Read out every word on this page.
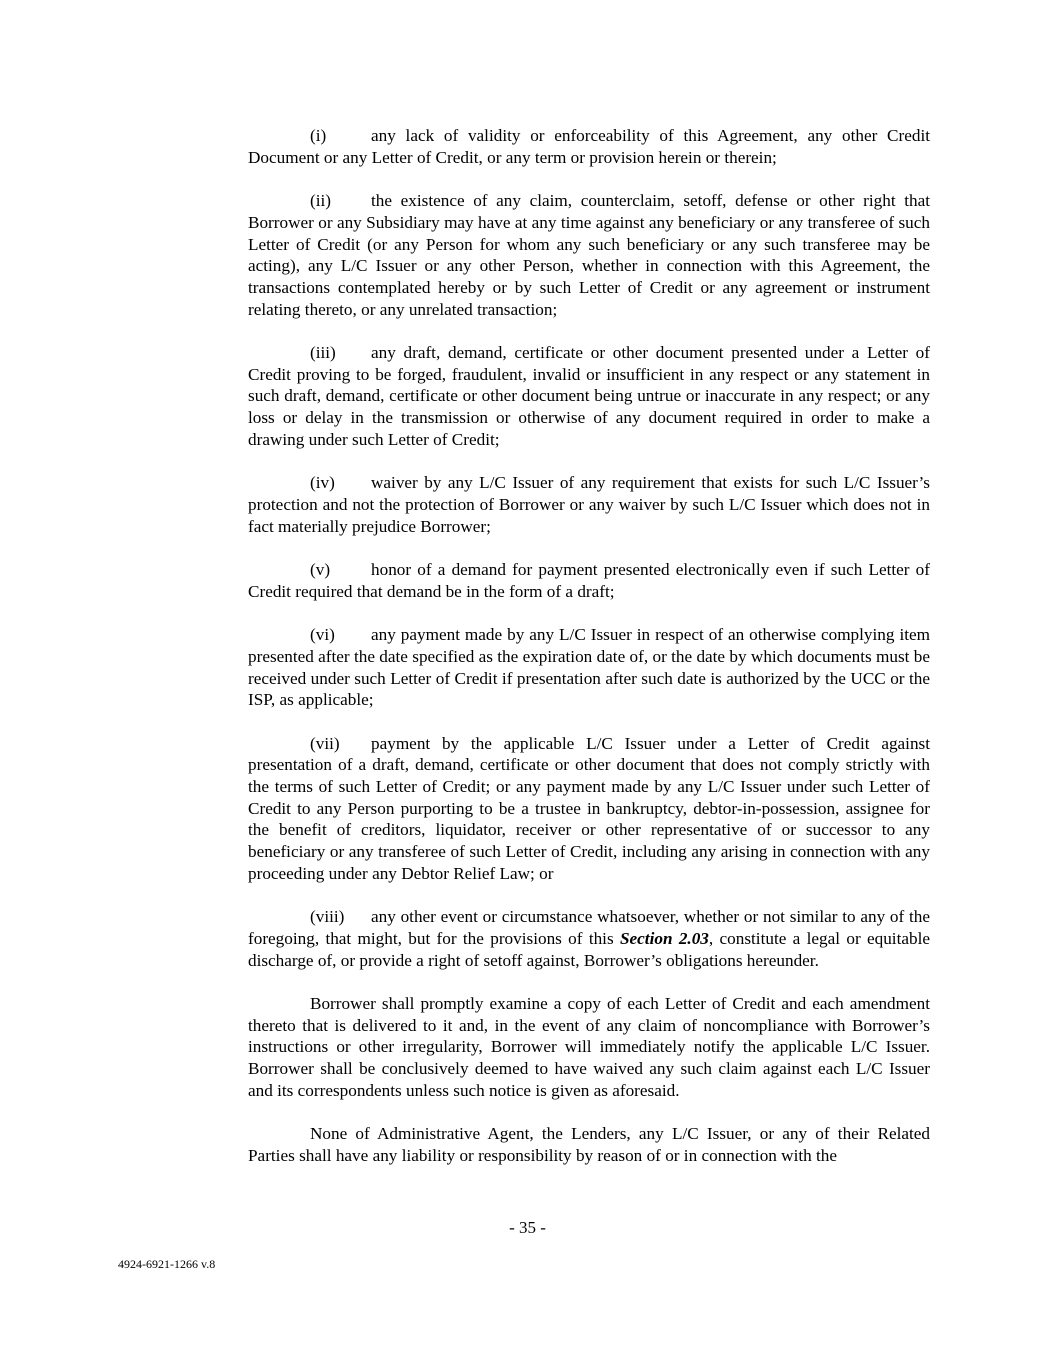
(i)	any lack of validity or enforceability of this Agreement, any other Credit Document or any Letter of Credit, or any term or provision herein or therein;

(ii) the existence of any claim, counterclaim, setoff, defense or other right that Borrower or any Subsidiary may have at any time against any beneficiary or any transferee of such Letter of Credit (or any Person for whom any such beneficiary or any such transferee may be acting), any L/C Issuer or any other Person, whether in connection with this Agreement, the transactions contemplated hereby or by such Letter of Credit or any agreement or instrument relating thereto, or any unrelated transaction;

(iii) any draft, demand, certificate or other document presented under a Letter of Credit proving to be forged, fraudulent, invalid or insufficient in any respect or any statement in such draft, demand, certificate or other document being untrue or inaccurate in any respect; or any loss or delay in the transmission or otherwise of any document required in order to make a drawing under such Letter of Credit;

(iv) waiver by any L/C Issuer of any requirement that exists for such L/C Issuer’s protection and not the protection of Borrower or any waiver by such L/C Issuer which does not in fact materially prejudice Borrower;

(v) honor of a demand for payment presented electronically even if such Letter of Credit required that demand be in the form of a draft;

(vi) any payment made by any L/C Issuer in respect of an otherwise complying item presented after the date specified as the expiration date of, or the date by which documents must be received under such Letter of Credit if presentation after such date is authorized by the UCC or the ISP, as applicable;

(vii) payment by the applicable L/C Issuer under a Letter of Credit against presentation of a draft, demand, certificate or other document that does not comply strictly with the terms of such Letter of Credit; or any payment made by any L/C Issuer under such Letter of Credit to any Person purporting to be a trustee in bankruptcy, debtor-in-possession, assignee for the benefit of creditors, liquidator, receiver or other representative of or successor to any beneficiary or any transferee of such Letter of Credit, including any arising in connection with any proceeding under any Debtor Relief Law; or

(viii) any other event or circumstance whatsoever, whether or not similar to any of the foregoing, that might, but for the provisions of this Section 2.03, constitute a legal or equitable discharge of, or provide a right of setoff against, Borrower’s obligations hereunder.

Borrower shall promptly examine a copy of each Letter of Credit and each amendment thereto that is delivered to it and, in the event of any claim of noncompliance with Borrower’s instructions or other irregularity, Borrower will immediately notify the applicable L/C Issuer. Borrower shall be conclusively deemed to have waived any such claim against each L/C Issuer and its correspondents unless such notice is given as aforesaid.

None of Administrative Agent, the Lenders, any L/C Issuer, or any of their Related Parties shall have any liability or responsibility by reason of or in connection with the

- 35 -
4924-6921-1266 v.8
